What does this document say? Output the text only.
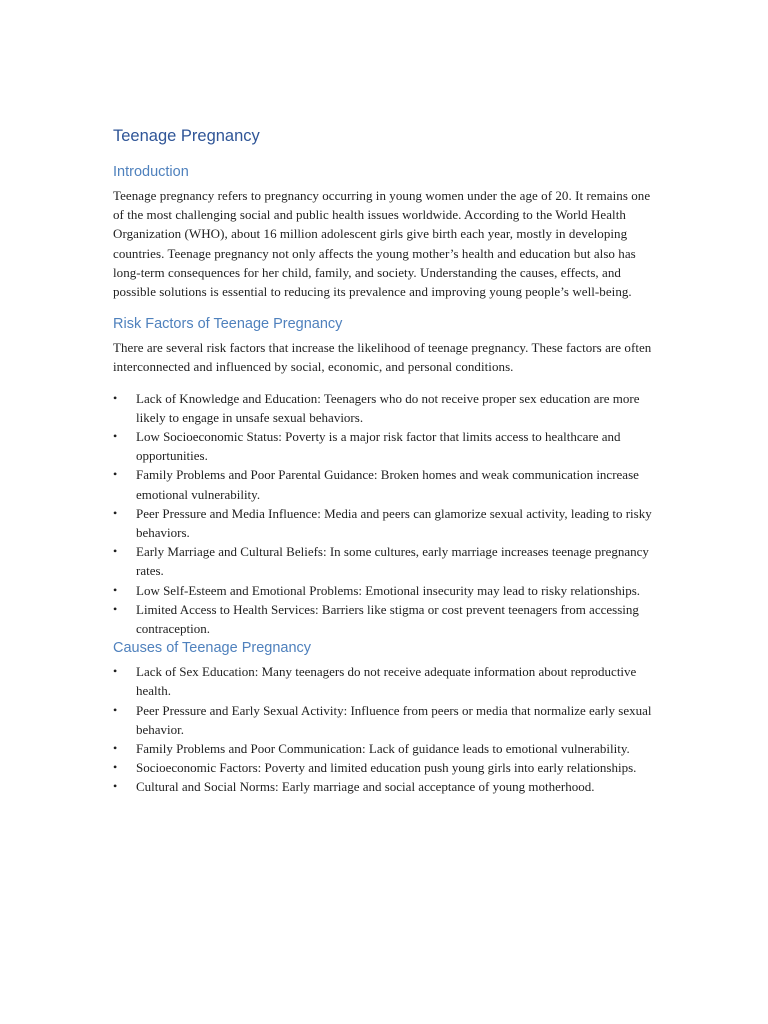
Teenage Pregnancy
Introduction

Teenage pregnancy refers to pregnancy occurring in young women under the age of 20. It remains one of the most challenging social and public health issues worldwide. According to the World Health Organization (WHO), about 16 million adolescent girls give birth each year, mostly in developing countries. Teenage pregnancy not only affects the young mother’s health and education but also has long-term consequences for her child, family, and society. Understanding the causes, effects, and possible solutions is essential to reducing its prevalence and improving young people’s well-being.

Risk Factors of Teenage Pregnancy

There are several risk factors that increase the likelihood of teenage pregnancy. These factors are often interconnected and influenced by social, economic, and personal conditions.

• Lack of Knowledge and Education: Teenagers who do not receive proper sex education are more likely to engage in unsafe sexual behaviors.
• Low Socioeconomic Status: Poverty is a major risk factor that limits access to healthcare and opportunities.
• Family Problems and Poor Parental Guidance: Broken homes and weak communication increase emotional vulnerability.
• Peer Pressure and Media Influence: Media and peers can glamorize sexual activity, leading to risky behaviors.
• Early Marriage and Cultural Beliefs: In some cultures, early marriage increases teenage pregnancy rates.
• Low Self-Esteem and Emotional Problems: Emotional insecurity may lead to risky relationships.
• Limited Access to Health Services: Barriers like stigma or cost prevent teenagers from accessing contraception.
Causes of Teenage Pregnancy
• Lack of Sex Education: Many teenagers do not receive adequate information about reproductive health.
• Peer Pressure and Early Sexual Activity: Influence from peers or media that normalize early sexual behavior.
• Family Problems and Poor Communication: Lack of guidance leads to emotional vulnerability.
• Socioeconomic Factors: Poverty and limited education push young girls into early relationships.
• Cultural and Social Norms: Early marriage and social acceptance of young motherhood.
